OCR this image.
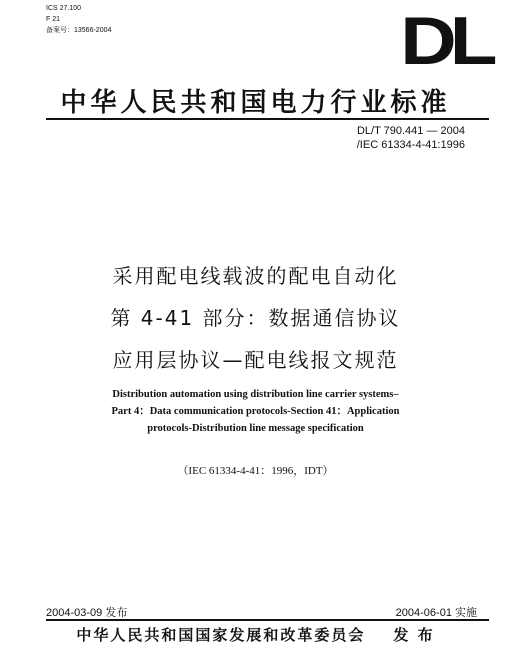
ICS 27.100
F 21
备案号：13566-2004	DL
中华人民共和国电力行业标准
DL/T 790.441 — 2004
/IEC 61334-4-41:1996
采用配电线载波的配电自动化
第 4-41 部分：数据通信协议
应用层协议—配电线报文规范
Distribution automation using distribution line carrier systems–
Part 4：Data communication protocols-Section 41：Application
protocols-Distribution line message specification
（IEC 61334-4-41：1996，IDT）
2004-03-09 发布	2004-06-01 实施
中华人民共和国国家发展和改革委员会 发 布
